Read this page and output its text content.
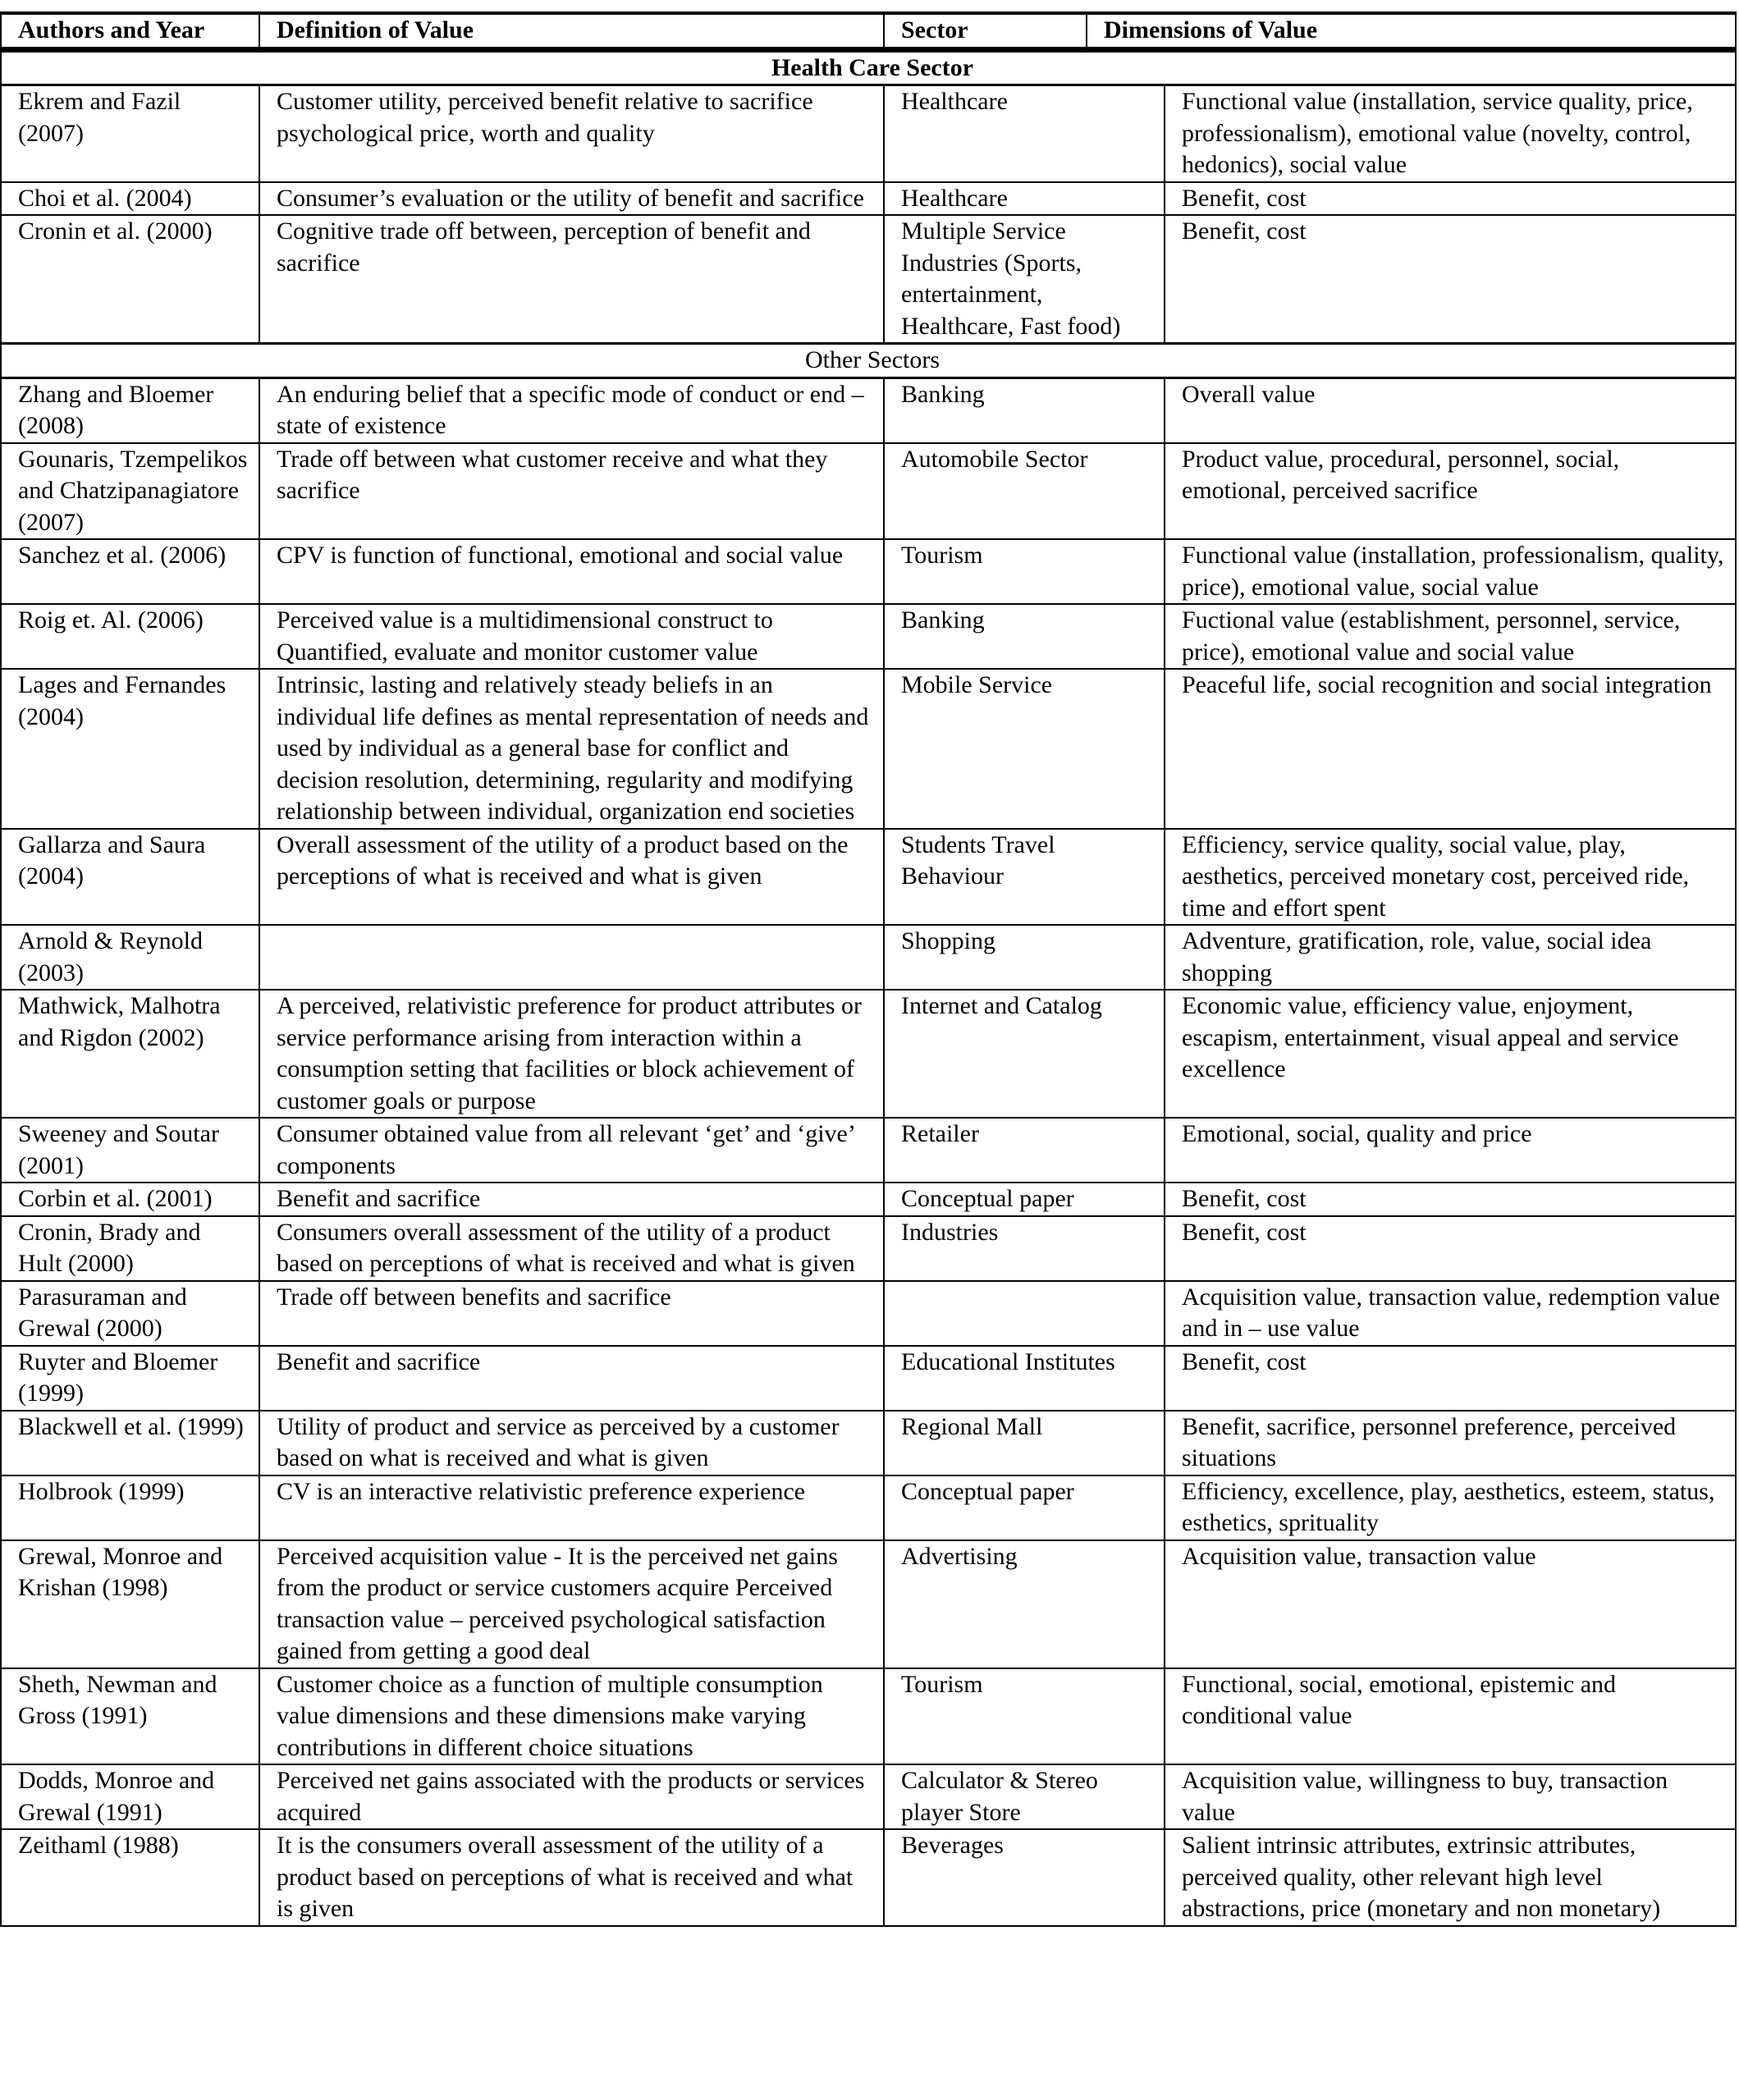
Authors and Year	Definition of Value	Sector	Dimensions of Value
Health Care Sector			
Ekrem and Fazil (2007)	Customer utility, perceived benefit relative to sacrifice psychological price, worth and quality	Healthcare	Functional value (installation, service quality, price, professionalism), emotional value (novelty, control, hedonics), social value
Choi et al. (2004)	Consumer’s evaluation or the utility of benefit and sacrifice	Healthcare	Benefit, cost
Cronin et al. (2000)	Cognitive trade off between, perception of benefit and sacrifice	Multiple Service Industries (Sports, entertainment, Healthcare, Fast food)	Benefit, cost
Other Sectors			
Zhang and Bloemer (2008)	An enduring belief that a specific mode of conduct or end – state of existence	Banking	Overall value
Gounaris, Tzempelikos and Chatzipanagiatore (2007)	Trade off between what customer receive and what they sacrifice	Automobile Sector	Product value, procedural, personnel, social, emotional, perceived sacrifice
Sanchez et al. (2006)	CPV is function of functional, emotional and social value	Tourism	Functional value (installation, professionalism, quality, price), emotional value, social value
Roig et. Al. (2006)	Perceived value is a multidimensional construct to Quantified, evaluate and monitor customer value	Banking	Fuctional value (establishment, personnel, service, price), emotional value and social value
Lages and Fernandes (2004)	Intrinsic, lasting and relatively steady beliefs in an individual life defines as mental representation of needs and used by individual as a general base for conflict and decision resolution, determining, regularity and modifying relationship between individual, organization end societies	Mobile Service	Peaceful life, social recognition and social integration
Gallarza and Saura (2004)	Overall assessment of the utility of a product based on the perceptions of what is received and what is given	Students Travel Behaviour	Efficiency, service quality, social value, play, aesthetics, perceived monetary cost, perceived ride, time and effort spent
Arnold & Reynold (2003)		Shopping	Adventure, gratification, role, value, social idea shopping
Mathwick, Malhotra and Rigdon (2002)	A perceived, relativistic preference for product attributes or service performance arising from interaction within a consumption setting that facilities or block achievement of customer goals or purpose	Internet and Catalog	Economic value, efficiency value, enjoyment, escapism, entertainment, visual appeal and service excellence
Sweeney and Soutar (2001)	Consumer obtained value from all relevant ‘get’ and ‘give’ components	Retailer	Emotional, social, quality and price
Corbin et al. (2001)	Benefit and sacrifice	Conceptual paper	Benefit, cost
Cronin, Brady and Hult (2000)	Consumers overall assessment of the utility of a product based on perceptions of what is received and what is given	Industries	Benefit, cost
Parasuraman and Grewal (2000)	Trade off between benefits and sacrifice		Acquisition value, transaction value, redemption value and in – use value
Ruyter and Bloemer (1999)	Benefit and sacrifice	Educational Institutes	Benefit, cost
Blackwell et al. (1999)	Utility of product and service as perceived by a customer based on what is received and what is given	Regional Mall	Benefit, sacrifice, personnel preference, perceived situations
Holbrook (1999)	CV is an interactive relativistic preference experience	Conceptual paper	Efficiency, excellence, play, aesthetics, esteem, status, esthetics, sprituality
Grewal, Monroe and Krishan (1998)	Perceived acquisition value - It is the perceived net gains from the product or service customers acquire Perceived transaction value – perceived psychological satisfaction gained from getting a good deal	Advertising	Acquisition value, transaction value
Sheth, Newman and Gross (1991)	Customer choice as a function of multiple consumption value dimensions and these dimensions make varying contributions in different choice situations	Tourism	Functional, social, emotional, epistemic and conditional value
Dodds, Monroe and Grewal (1991)	Perceived net gains associated with the products or services acquired	Calculator & Stereo player Store	Acquisition value, willingness to buy, transaction value
Zeithaml (1988)	It is the consumers overall assessment of the utility of a product based on perceptions of what is received and what is given	Beverages	Salient intrinsic attributes, extrinsic attributes, perceived quality, other relevant high level abstractions, price (monetary and non monetary)
